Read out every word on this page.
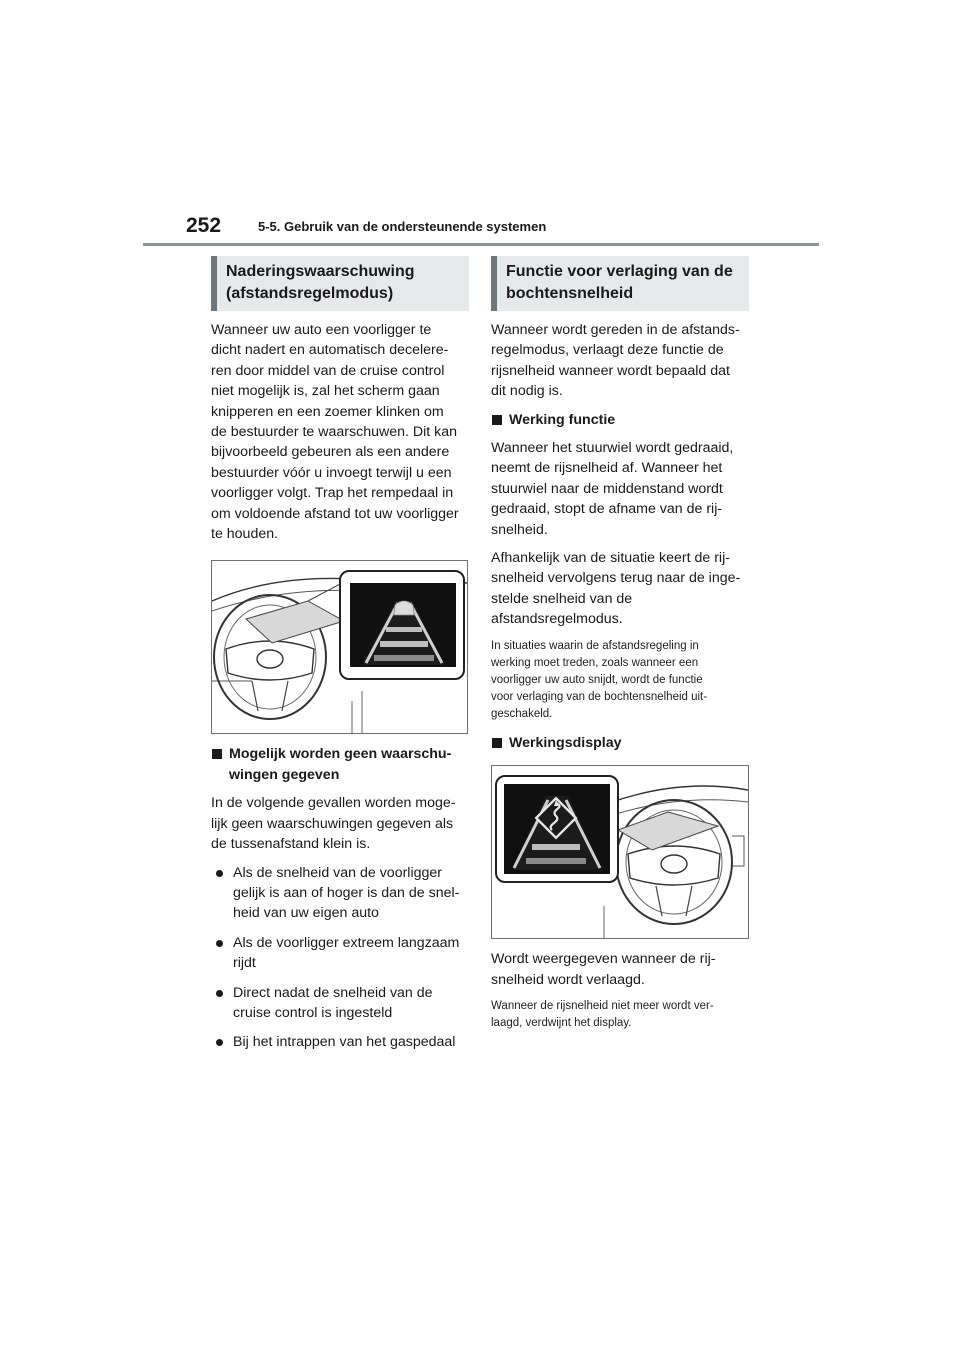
252	5-5. Gebruik van de ondersteunende systemen
Naderingswaarschuwing
(afstandsregelmodus)

Wanneer uw auto een voorligger te
dicht nadert en automatisch decelere-
ren door middel van de cruise control
niet mogelijk is, zal het scherm gaan
knipperen en een zoemer klinken om
de bestuurder te waarschuwen. Dit kan
bijvoorbeeld gebeuren als een andere
bestuurder vóór u invoegt terwijl u een
voorligger volgt. Trap het rempedaal in
om voldoende afstand tot uw voorligger
te houden.

Mogelijk worden geen waarschu-
wingen gegeven

In de volgende gevallen worden moge-
lijk geen waarschuwingen gegeven als
de tussenafstand klein is.

Als de snelheid van de voorligger
gelijk is aan of hoger is dan de snel-
heid van uw eigen auto
Als de voorligger extreem langzaam
rijdt
Direct nadat de snelheid van de
cruise control is ingesteld
Bij het intrappen van het gaspedaal
Functie voor verlaging van de
bochtensnelheid

Wanneer wordt gereden in de afstands-
regelmodus, verlaagt deze functie de
rijsnelheid wanneer wordt bepaald dat
dit nodig is.

Werking functie

Wanneer het stuurwiel wordt gedraaid,
neemt de rijsnelheid af. Wanneer het
stuurwiel naar de middenstand wordt
gedraaid, stopt de afname van de rij-
snelheid.

Afhankelijk van de situatie keert de rij-
snelheid vervolgens terug naar de inge-
stelde snelheid van de
afstandsregelmodus.

In situaties waarin de afstandsregeling in
werking moet treden, zoals wanneer een
voorligger uw auto snijdt, wordt de functie
voor verlaging van de bochtensnelheid uit-
geschakeld.

Werkingsdisplay

Wordt weergegeven wanneer de rij-
snelheid wordt verlaagd.

Wanneer de rijsnelheid niet meer wordt ver-
laagd, verdwijnt het display.
